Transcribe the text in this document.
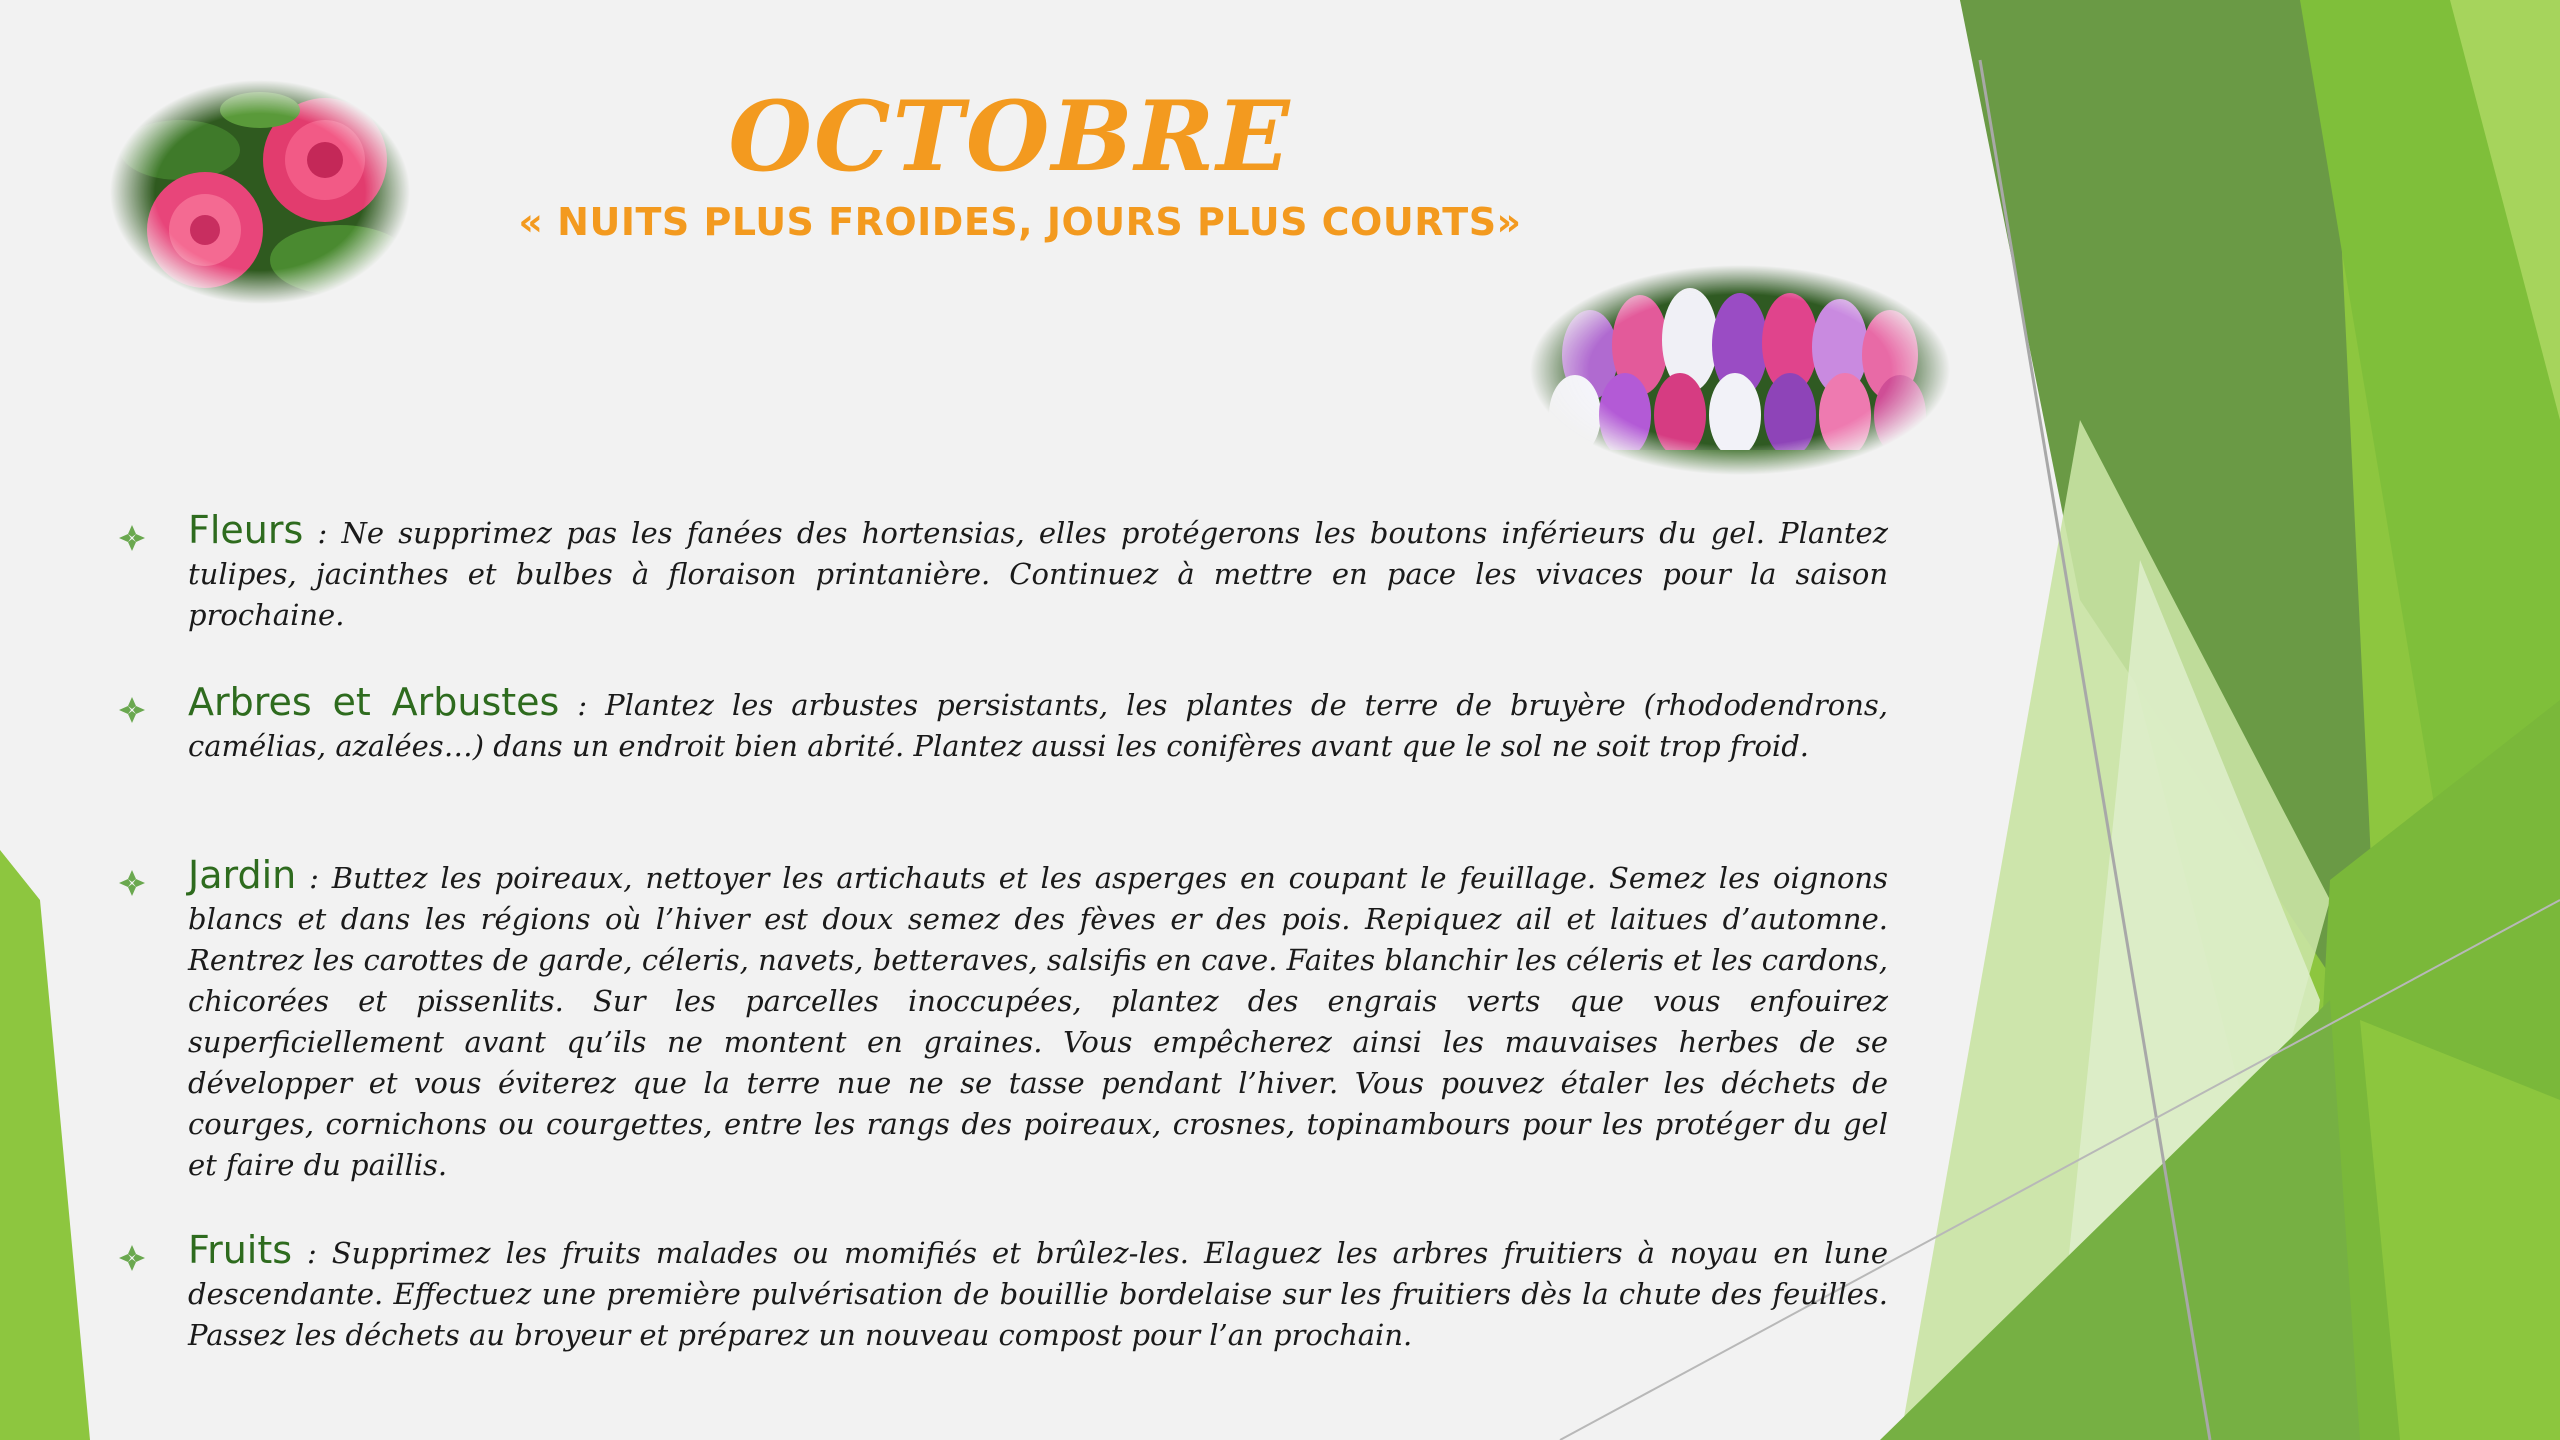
OCTOBRE
« NUITS PLUS FROIDES, JOURS PLUS COURTS»
Fleurs : Ne supprimez pas les fanées des hortensias, elles protégerons les boutons inférieurs du gel. Plantez tulipes, jacinthes et bulbes à floraison printanière. Continuez à mettre en pace les vivaces pour la saison prochaine.
Arbres et Arbustes : Plantez les arbustes persistants, les plantes de terre de bruyère (rhododendrons, camélias, azalées…) dans un endroit bien abrité. Plantez aussi les conifères avant que le sol ne soit trop froid.
Jardin : Buttez les poireaux, nettoyer les artichauts et les asperges en coupant le feuillage. Semez les oignons blancs et dans les régions où l’hiver est doux semez des fèves er des pois. Repiquez ail et laitues d’automne. Rentrez les carottes de garde, céleris, navets, betteraves, salsifis en cave. Faites blanchir les céleris et les cardons, chicorées et pissenlits. Sur les parcelles inoccupées, plantez des engrais verts que vous enfouirez superficiellement avant qu’ils ne montent en graines. Vous empêcherez ainsi les mauvaises herbes de se développer et vous éviterez que la terre nue ne se tasse pendant l’hiver. Vous pouvez étaler les déchets de courges, cornichons ou courgettes, entre les rangs des poireaux, crosnes, topinambours pour les protéger du gel et faire du paillis.
Fruits : Supprimez les fruits malades ou momifiés et brûlez-les. Elaguez les arbres fruitiers à noyau en lune descendante. Effectuez une première pulvérisation de bouillie bordelaise sur les fruitiers dès la chute des feuilles. Passez les déchets au broyeur et préparez un nouveau compost pour l’an prochain.
